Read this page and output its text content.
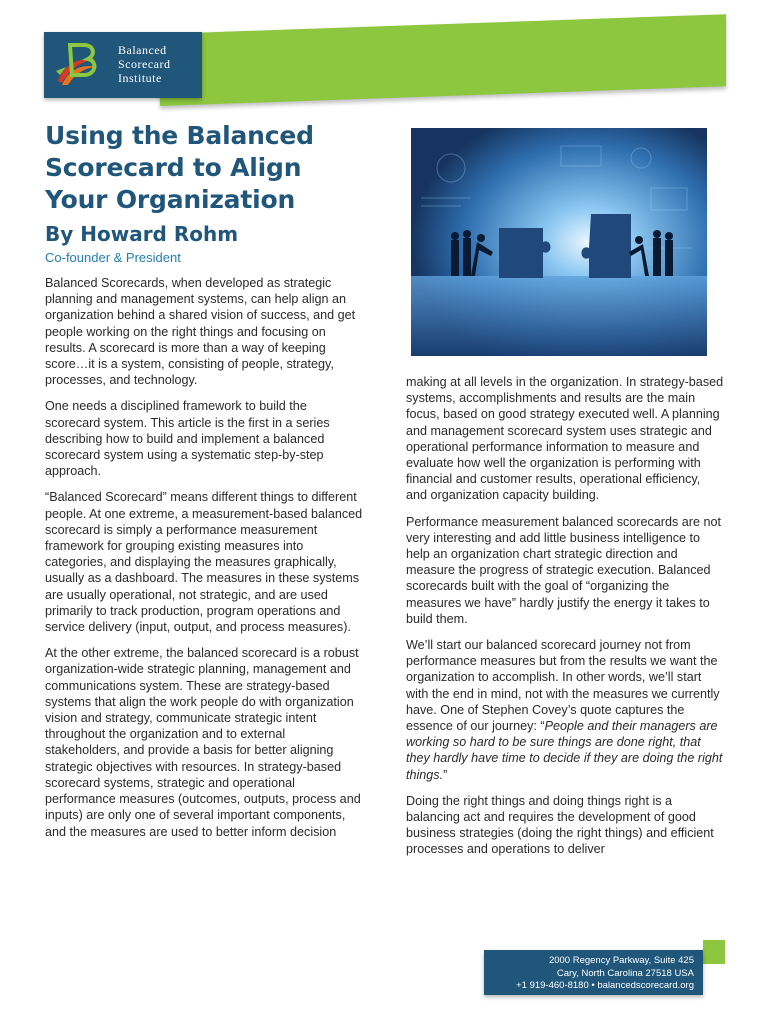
Balanced
Scorecard
Institute
Using the Balanced Scorecard to Align Your Organization
By Howard Rohm
Co-founder & President

Balanced Scorecards, when developed as strategic planning and management systems, can help align an organization behind a shared vision of success, and get people working on the right things and focusing on results. A scorecard is more than a way of keeping score…it is a system, consisting of people, strategy, processes, and technology.

One needs a disciplined framework to build the scorecard system. This article is the first in a series describing how to build and implement a balanced scorecard system using a systematic step-by-step approach.

“Balanced Scorecard” means different things to different people. At one extreme, a measurement-based balanced scorecard is simply a performance measurement framework for grouping existing measures into categories, and displaying the measures graphically, usually as a dashboard. The measures in these systems are usually operational, not strategic, and are used primarily to track production, program operations and service delivery (input, output, and process measures).

At the other extreme, the balanced scorecard is a robust organization-wide strategic planning, management and communications system. These are strategy-based systems that align the work people do with organization vision and strategy, communicate strategic intent throughout the organization and to external stakeholders, and provide a basis for better aligning strategic objectives with resources. In strategy-based scorecard systems, strategic and operational performance measures (outcomes, outputs, process and inputs) are only one of several important components, and the measures are used to better inform decision

making at all levels in the organization. In strategy-based systems, accomplishments and results are the main focus, based on good strategy executed well. A planning and management scorecard system uses strategic and operational performance information to measure and evaluate how well the organization is performing with financial and customer results, operational efficiency, and organization capacity building.

Performance measurement balanced scorecards are not very interesting and add little business intelligence to help an organization chart strategic direction and measure the progress of strategic execution. Balanced scorecards built with the goal of “organizing the measures we have” hardly justify the energy it takes to build them.

We’ll start our balanced scorecard journey not from performance measures but from the results we want the organization to accomplish. In other words, we’ll start with the end in mind, not with the measures we currently have. One of Stephen Covey’s quote captures the essence of our journey: “People and their managers are working so hard to be sure things are done right, that they hardly have time to decide if they are doing the right things.”

Doing the right things and doing things right is a balancing act and requires the development of good business strategies (doing the right things) and efficient processes and operations to deliver

2000 Regency Parkway, Suite 425
Cary, North Carolina 27518 USA
+1 919-460-8180 • balancedscorecard.org
